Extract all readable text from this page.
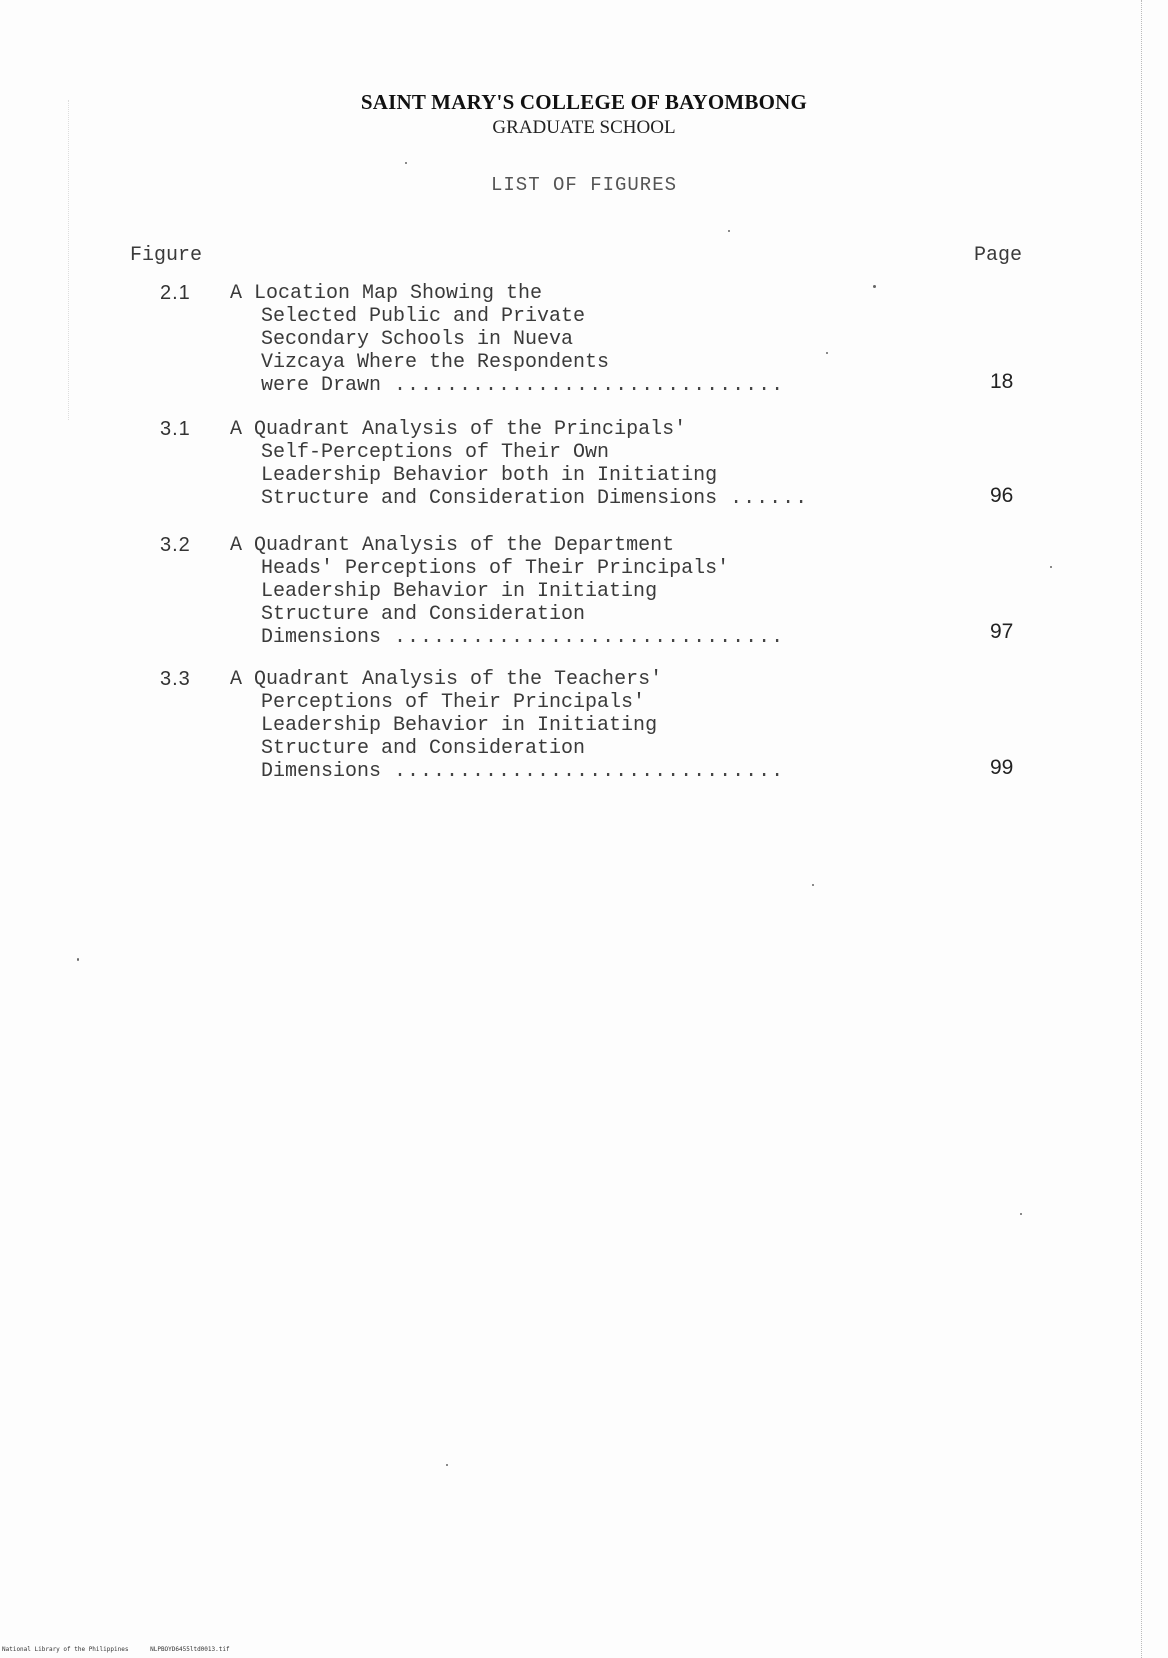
SAINT MARY'S COLLEGE OF BAYOMBONG
GRADUATE SCHOOL
LIST OF FIGURES
Figure	Page
2.1 A Location Map Showing the
Selected Public and Private
Secondary Schools in Nueva
Vizcaya Where the Respondents
were Drawn ..............................	18
3.1 A Quadrant Analysis of the Principals'
Self-Perceptions of Their Own
Leadership Behavior both in Initiating
Structure and Consideration Dimensions ......	96
3.2 A Quadrant Analysis of the Department
Heads' Perceptions of Their Principals'
Leadership Behavior in Initiating
Structure and Consideration
Dimensions ..............................	97
3.3 A Quadrant Analysis of the Teachers'
Perceptions of Their Principals'
Leadership Behavior in Initiating
Structure and Consideration
Dimensions ..............................	99
National Library of the Philippines      NLPBOYD6455ltd0013.tif
